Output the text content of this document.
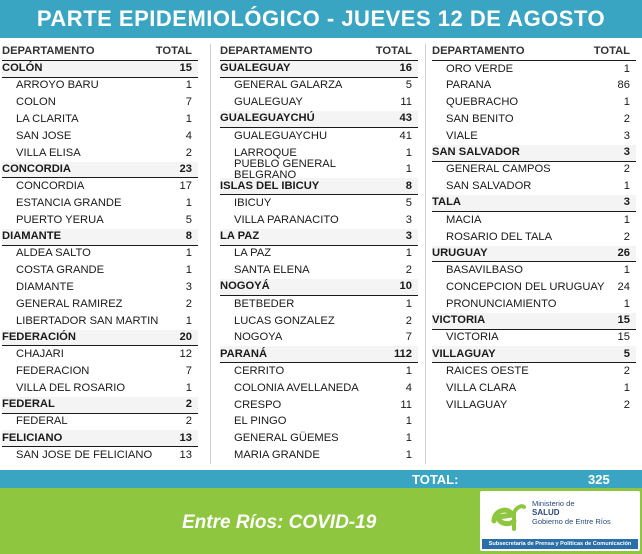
PARTE EPIDEMIOLÓGICO - JUEVES 12 DE AGOSTO
DEPARTAMENTO	TOTAL
COLÓN	15
ARROYO BARU	1
COLON	7
LA CLARITA	1
SAN JOSE	4
VILLA ELISA	2
CONCORDIA	23
CONCORDIA	17
ESTANCIA GRANDE	1
PUERTO YERUA	5
DIAMANTE	8
ALDEA SALTO	1
COSTA GRANDE	1
DIAMANTE	3
GENERAL RAMIREZ	2
LIBERTADOR SAN MARTIN	1
FEDERACIÓN	20
CHAJARI	12
FEDERACION	7
VILLA DEL ROSARIO	1
FEDERAL	2
FEDERAL	2
FELICIANO	13
SAN JOSE DE FELICIANO	13
DEPARTAMENTO	TOTAL
GUALEGUAY	16
GENERAL GALARZA	5
GUALEGUAY	11
GUALEGUAYCHÚ	43
GUALEGUAYCHU	41
LARROQUE	1
PUEBLO GENERAL BELGRANO	1
ISLAS DEL IBICUY	8
IBICUY	5
VILLA PARANACITO	3
LA PAZ	3
LA PAZ	1
SANTA ELENA	2
NOGOYÁ	10
BETBEDER	1
LUCAS GONZALEZ	2
NOGOYA	7
PARANÁ	112
CERRITO	1
COLONIA AVELLANEDA	4
CRESPO	11
EL PINGO	1
GENERAL GÜEMES	1
MARIA GRANDE	1
DEPARTAMENTO	TOTAL
ORO VERDE	1
PARANA	86
QUEBRACHO	1
SAN BENITO	2
VIALE	3
SAN SALVADOR	3
GENERAL CAMPOS	2
SAN SALVADOR	1
TALA	3
MACIA	1
ROSARIO DEL TALA	2
URUGUAY	26
BASAVILBASO	1
CONCEPCION DEL URUGUAY	24
PRONUNCIAMIENTO	1
VICTORIA	15
VICTORIA	15
VILLAGUAY	5
RAICES OESTE	2
VILLA CLARA	1
VILLAGUAY	2
TOTAL:	325
Entre Ríos: COVID-19
Ministerio de
SALUD
Gobierno de Entre Ríos
Subsecretaría de Prensa y Políticas de Comunicación
